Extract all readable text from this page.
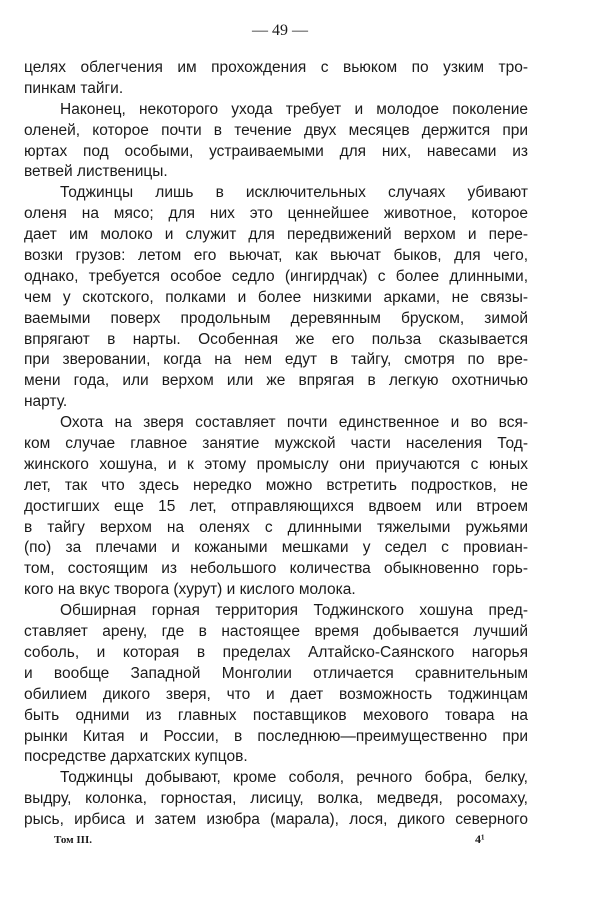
— 49 —
целях облегчения им прохождения с вьюком по узким тро-
пинкам тайги.
Наконец, некоторого ухода требует и молодое поколение
оленей, которое почти в течение двух месяцев держится при
юртах под особыми, устраиваемыми для них, навесами из
ветвей лиственицы.
Тоджинцы лишь в исключительных случаях убивают
оленя на мясо; для них это ценнейшее животное, которое
дает им молоко и служит для передвижений верхом и пере-
возки грузов: летом его вьючат, как вьючат быков, для чего,
однако, требуется особое седло (ингирдчак) с более длинными,
чем у скотского, полками и более низкими арками, не связы-
ваемыми поверх продольным деревянным бруском, зимой
впрягают в нарты. Особенная же его польза сказывается
при зверовании, когда на нем едут в тайгу, смотря по вре-
мени года, или верхом или же впрягая в легкую охотничью
нарту.
Охота на зверя составляет почти единственное и во вся-
ком случае главное занятие мужской части населения Тод-
жинского хошуна, и к этому промыслу они приучаются с юных
лет, так что здесь нередко можно встретить подростков, не
достигших еще 15 лет, отправляющихся вдвоем или втроем
в тайгу верхом на оленях с длинными тяжелыми ружьями
(по) за плечами и кожаными мешками у седел с провиан-
том, состоящим из небольшого количества обыкновенно горь-
кого на вкус творога (хурут) и кислого молока.
Обширная горная территория Тоджинского хошуна пред-
ставляет арену, где в настоящее время добывается лучший
соболь, и которая в пределах Алтайско-Саянского нагорья
и вообще Западной Монголии отличается сравнительным
обилием дикого зверя, что и дает возможность тоджинцам
быть одними из главных поставщиков мехового товара на
рынки Китая и России, в последнюю—преимущественно при
посредстве дархатских купцов.
Тоджинцы добывают, кроме соболя, речного бобра, белку,
выдру, колонка, горностая, лисицу, волка, медведя, росомаху,
рысь, ирбиса и затем изюбра (марала), лося, дикого северного
Том III.	4¹
